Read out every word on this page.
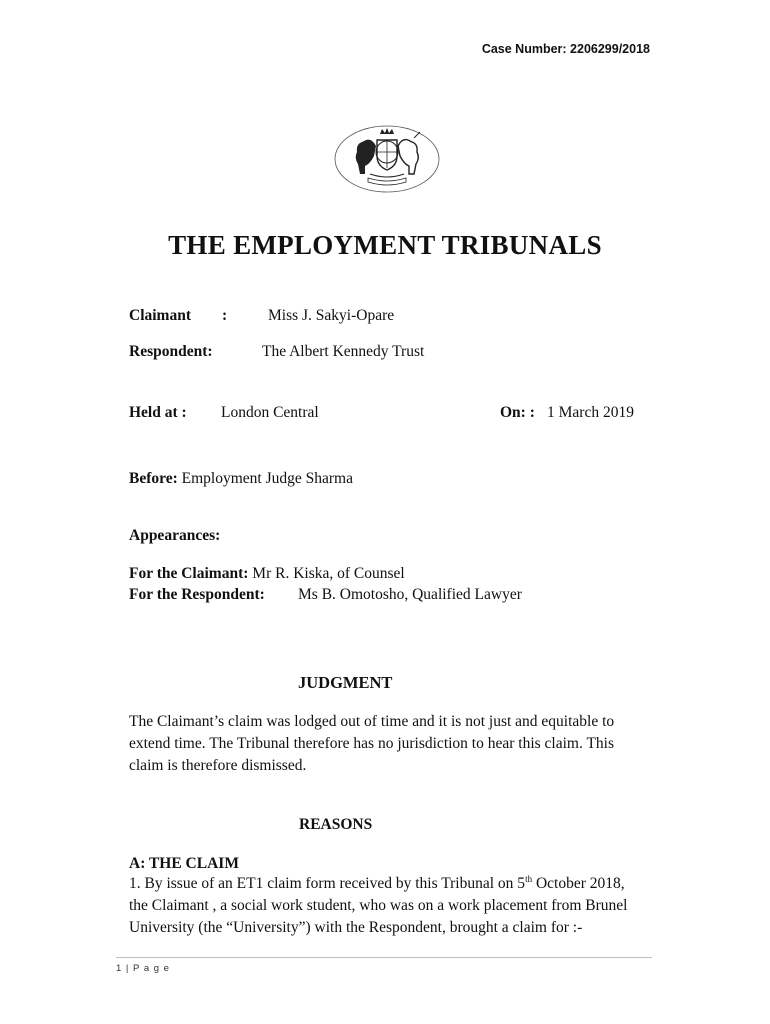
Case Number: 2206299/2018
THE EMPLOYMENT TRIBUNALS
Claimant :	Miss J. Sakyi-Opare
Respondent:	The Albert Kennedy Trust
Held at : London Central	On: : 1 March 2019
Before: Employment Judge Sharma
Appearances:
For the Claimant: Mr R. Kiska, of Counsel
For the Respondent: Ms B. Omotosho, Qualified Lawyer
JUDGMENT
The Claimant’s claim was lodged out of time and it is not just and equitable to extend time. The Tribunal therefore has no jurisdiction to hear this claim. This claim is therefore dismissed.
REASONS
A: THE CLAIM
1. By issue of an ET1 claim form received by this Tribunal on 5th October 2018, the Claimant , a social work student, who was on a work placement from Brunel University (the “University”) with the Respondent, brought a claim for :-
1 | P a g e
